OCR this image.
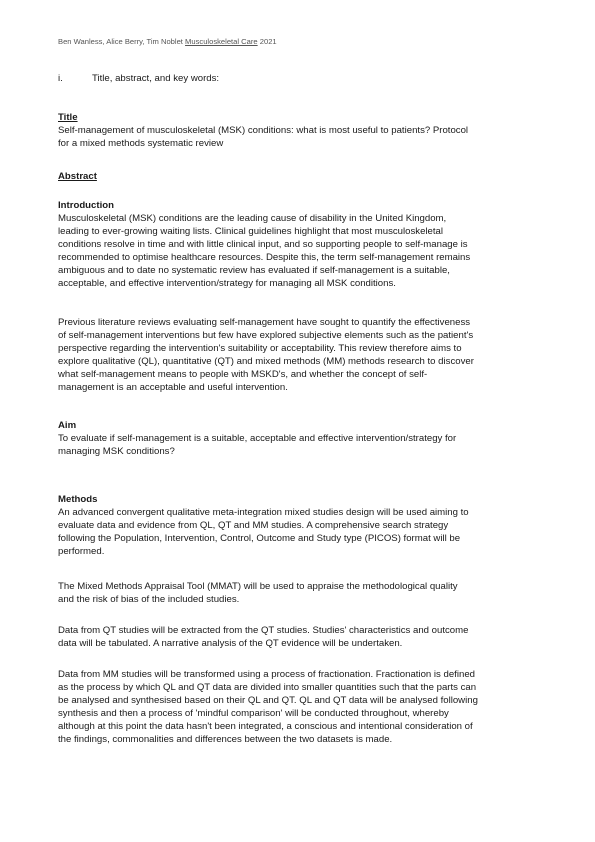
Ben Wanless, Alice Berry, Tim Noblet Musculoskeletal Care 2021
i.	Title, abstract, and key words:
Title
Self-management of musculoskeletal (MSK) conditions: what is most useful to patients? Protocol
for a mixed methods systematic review
Abstract
Introduction
Musculoskeletal (MSK) conditions are the leading cause of disability in the United Kingdom,
leading to ever-growing waiting lists. Clinical guidelines highlight that most musculoskeletal
conditions resolve in time and with little clinical input, and so supporting people to self-manage is
recommended to optimise healthcare resources. Despite this, the term self-management remains
ambiguous and to date no systematic review has evaluated if self-management is a suitable,
acceptable, and effective intervention/strategy for managing all MSK conditions.
Previous literature reviews evaluating self-management have sought to quantify the effectiveness
of self-management interventions but few have explored subjective elements such as the patient's
perspective regarding the intervention's suitability or acceptability. This review therefore aims to
explore qualitative (QL), quantitative (QT) and mixed methods (MM) methods research to discover
what self-management means to people with MSKD's, and whether the concept of self-
management is an acceptable and useful intervention.
Aim
To evaluate if self-management is a suitable, acceptable and effective intervention/strategy for
managing MSK conditions?
Methods
An advanced convergent qualitative meta-integration mixed studies design will be used aiming to
evaluate data and evidence from QL, QT and MM studies. A comprehensive search strategy
following the Population, Intervention, Control, Outcome and Study type (PICOS) format will be
performed.
The Mixed Methods Appraisal Tool (MMAT) will be used to appraise the methodological quality
and the risk of bias of the included studies.
Data from QT studies will be extracted from the QT studies. Studies' characteristics and outcome
data will be tabulated. A narrative analysis of the QT evidence will be undertaken.
Data from MM studies will be transformed using a process of fractionation. Fractionation is defined
as the process by which QL and QT data are divided into smaller quantities such that the parts can
be analysed and synthesised based on their QL and QT. QL and QT data will be analysed following
synthesis and then a process of 'mindful comparison' will be conducted throughout, whereby
although at this point the data hasn't been integrated, a conscious and intentional consideration of
the findings, commonalities and differences between the two datasets is made.
